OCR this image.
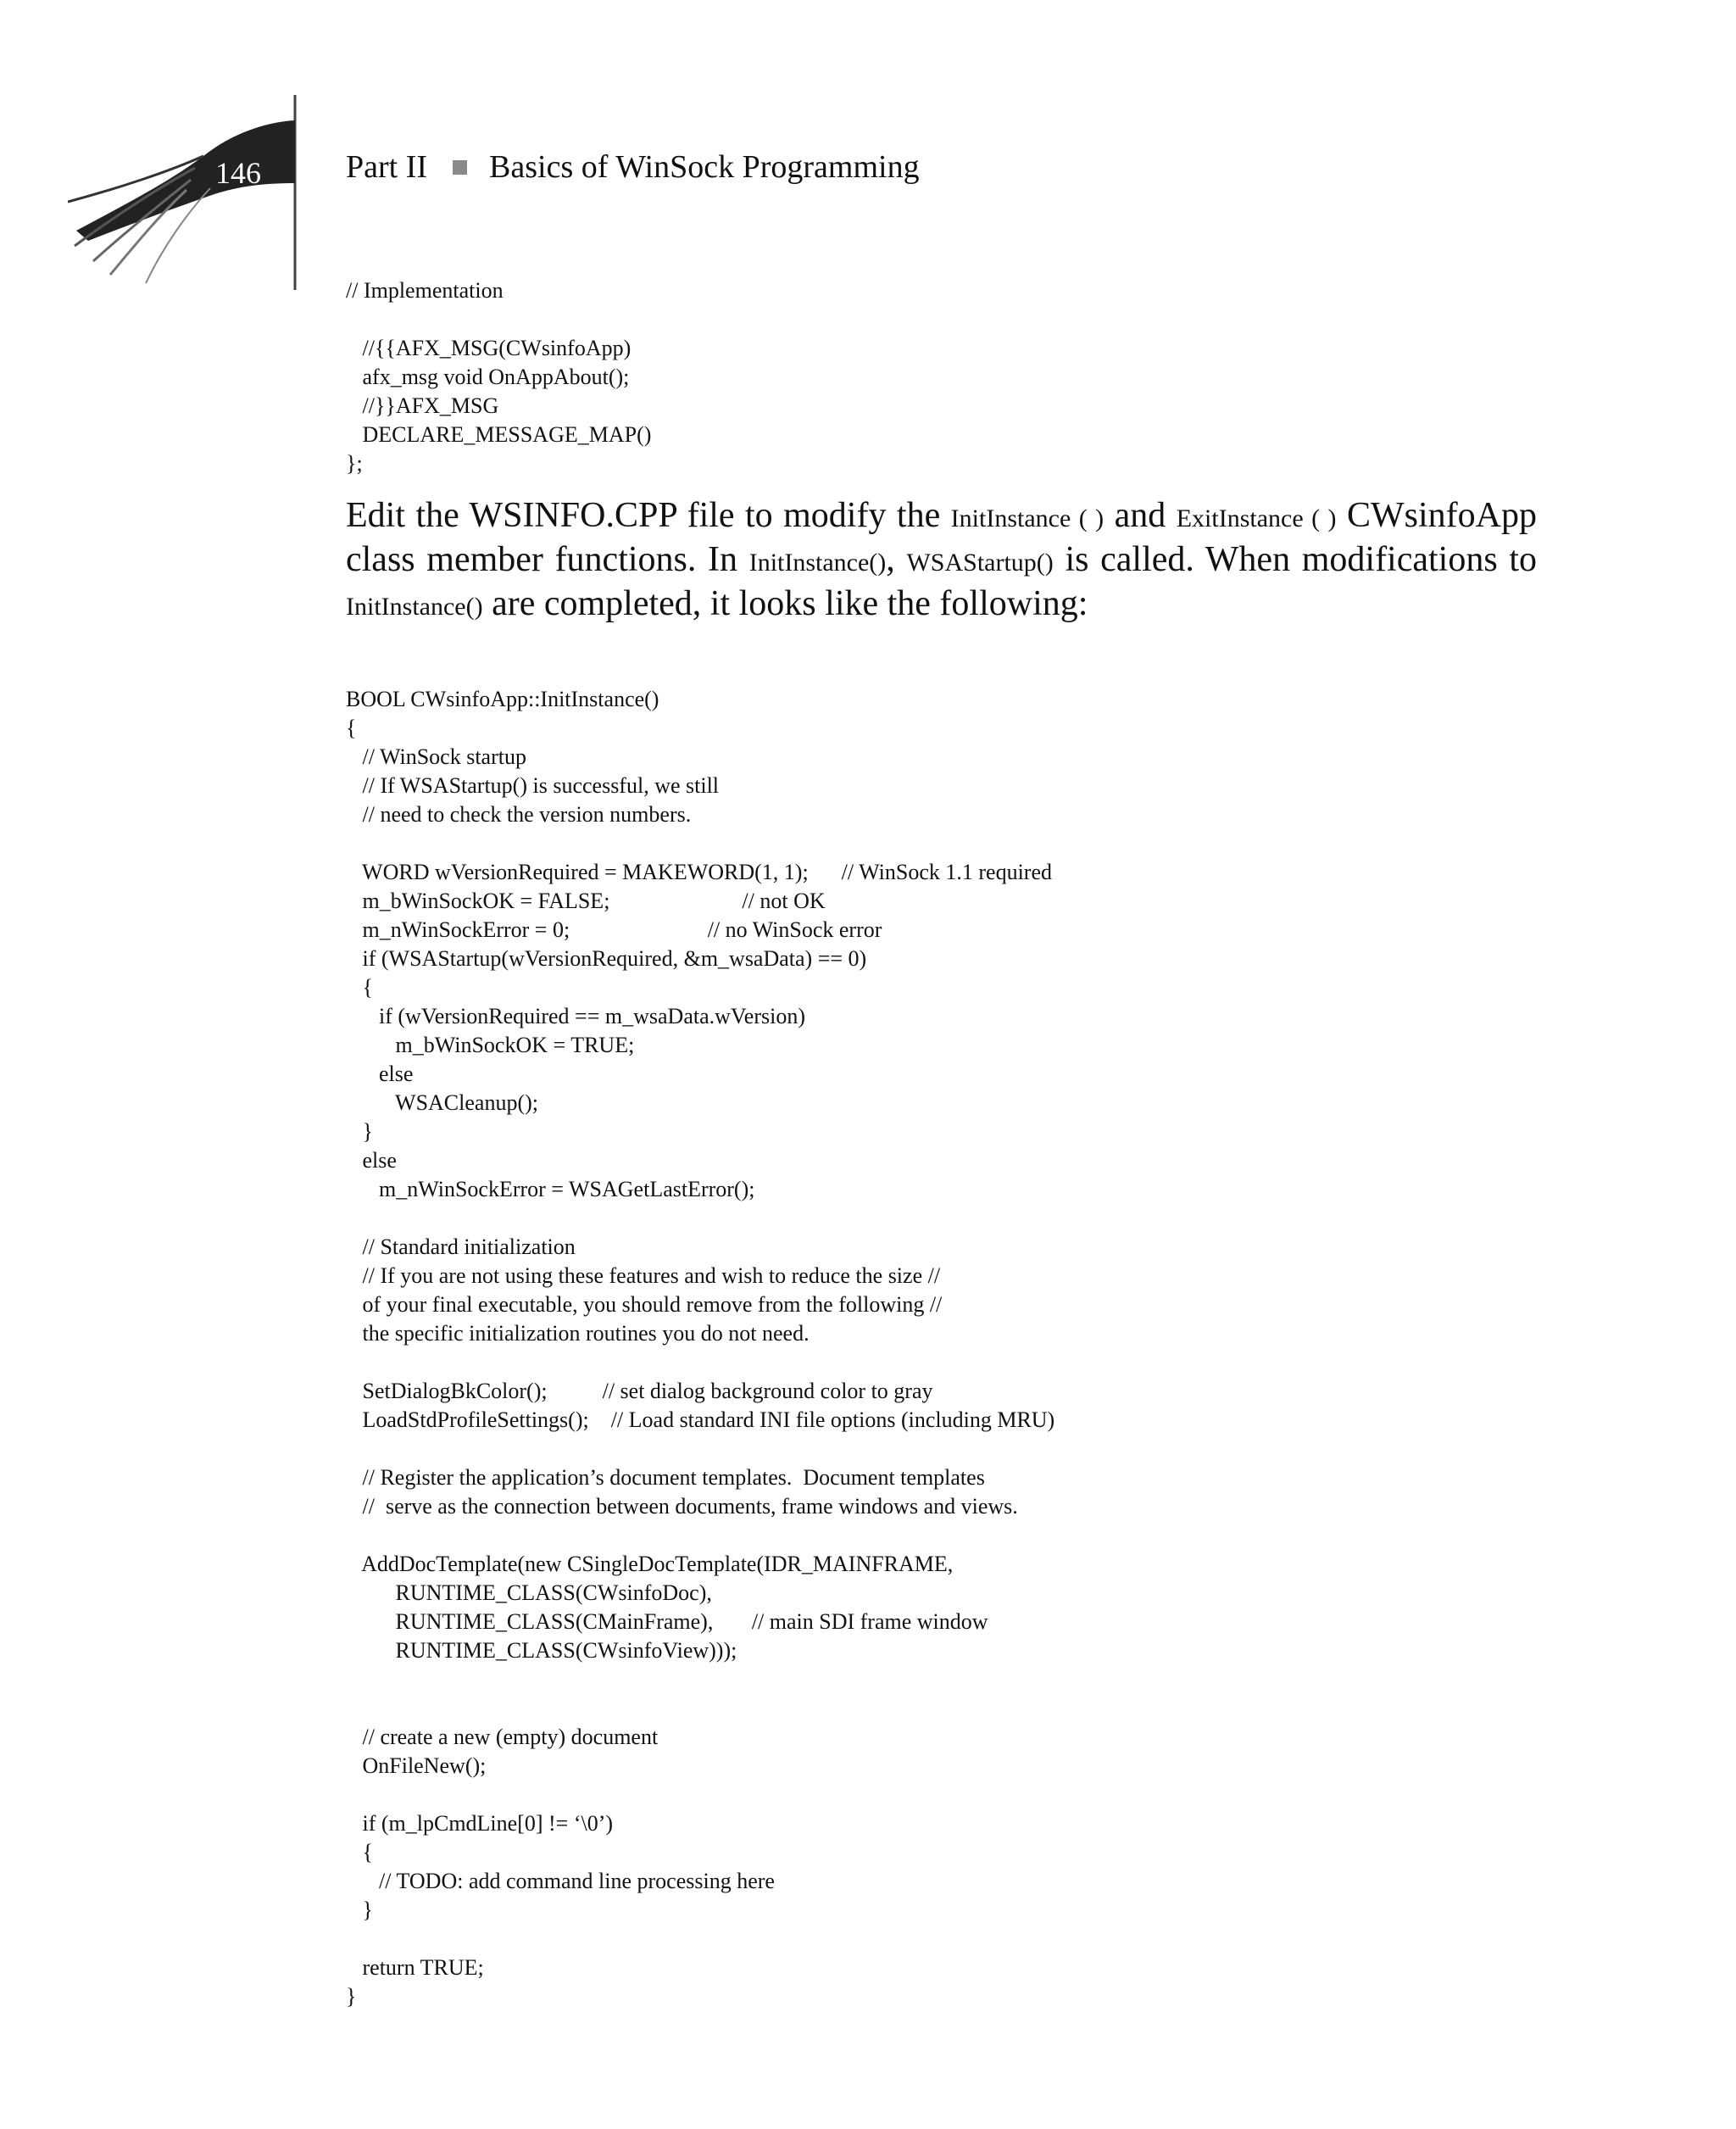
146	Part II Basics of WinSock Programming
// Implementation
//{{AFX_MSG(CWsinfoApp)
afx_msg void OnAppAbout();
//}}AFX_MSG
DECLARE_MESSAGE_MAP()
};

Edit the WSINFO.CPP file to modify the InitInstance ( ) and ExitInstance ( ) CWsinfoApp class member functions. In InitInstance(), WSAStartup() is called. When modifications to InitInstance() are completed, it looks like the following:

BOOL CWsinfoApp::InitInstance()
{
// WinSock startup
// If WSAStartup() is successful, we still
// need to check the version numbers.
WORD wVersionRequired = MAKEWORD(1, 1);      // WinSock 1.1 required
m_bWinSockOK = FALSE;                        // not OK
m_nWinSockError = 0;                         // no WinSock error
if (WSAStartup(wVersionRequired, &m_wsaData) == 0)
{
if (wVersionRequired == m_wsaData.wVersion)
m_bWinSockOK = TRUE;
else
WSACleanup();
}
else
m_nWinSockError = WSAGetLastError();
// Standard initialization
// If you are not using these features and wish to reduce the size //
of your final executable, you should remove from the following //
the specific initialization routines you do not need.
SetDialogBkColor();          // set dialog background color to gray
LoadStdProfileSettings();    // Load standard INI file options (including MRU)
// Register the application’s document templates.  Document templates
//  serve as the connection between documents, frame windows and views.
AddDocTemplate(new CSingleDocTemplate(IDR_MAINFRAME,
RUNTIME_CLASS(CWsinfoDoc),
RUNTIME_CLASS(CMainFrame),       // main SDI frame window
RUNTIME_CLASS(CWsinfoView)));
// create a new (empty) document
OnFileNew();
if (m_lpCmdLine[0] != ‘\0’)
{
// TODO: add command line processing here
}
return TRUE;
}
